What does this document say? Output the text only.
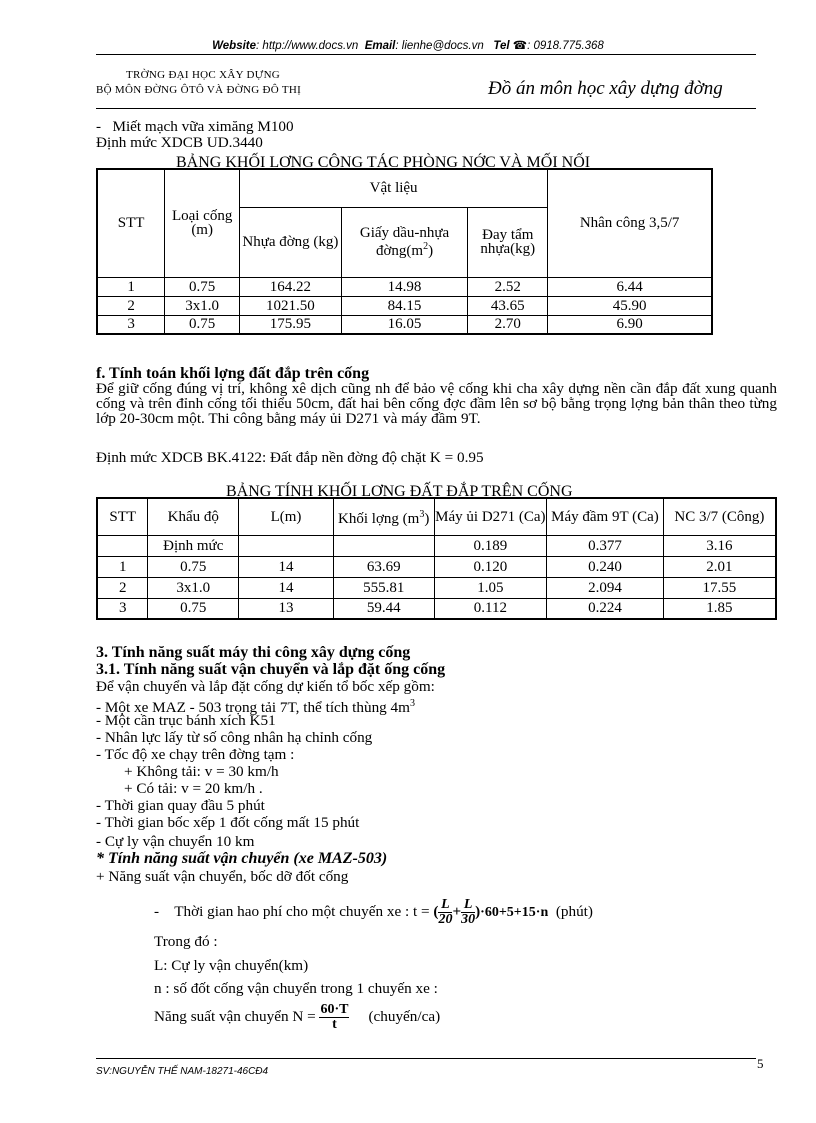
Website: http://www.docs.vn Email: lienhe@docs.vn Tel ☎: 0918.775.368
TRỜNG ĐẠI HỌC XÂY DỰNG
BỘ MÔN ĐỜNG ÔTÔ VÀ ĐỜNG ĐÔ THỊ	Đồ án môn học xây dựng đờng
- Miết mạch vữa ximăng M100
Định mức XDCB UD.3440
BẢNG KHỐI LỢNG CÔNG TÁC PHÒNG NỚC VÀ MỐI NỐI
STT	Loại cống (m)	Vật liệu			Nhân công 3,5/7
		Nhựa đờng (kg)	Giấy dầu-nhựa $đờng(m^2)$	Đay tẩm nhựa(kg)	
1	0.75	164.22	14.98	2.52	6.44
2	3x1.0	1021.50	84.15	43.65	45.90
3	0.75	175.95	16.05	2.70	6.90
f. Tính toán khối lợng đất đắp trên cống
Để giữ cống đúng vị trí, không xê dịch cũng nh để bảo vệ cống khi cha xây dựng nền cần đắp đất xung quanh cống và trên đỉnh cống tối thiểu 50cm, đất hai bên cống đợc đầm lên sơ bộ bằng trọng lợng bản thân theo từng lớp 20-30cm một. Thi công bằng máy ủi D271 và máy đầm 9T.
Định mức XDCB BK.4122: Đất đắp nền đờng độ chặt K = 0.95
BẢNG TÍNH KHỐI LỢNG ĐẤT ĐẮP TRÊN CỐNG
STT	Khẩu độ	L(m)	Khối lợng $(m^3)$	Máy ủi D271 (Ca)	Máy đầm 9T (Ca)	NC 3/7 (Công)
	Định mức			0.189	0.377	3.16
1	0.75	14	63.69	0.120	0.240	2.01
2	3x1.0	14	555.81	1.05	2.094	17.55
3	0.75	13	59.44	0.112	0.224	1.85
3. Tính năng suất máy thi công xây dựng cống
3.1. Tính năng suất vận chuyển và lắp đặt ống cống
Để vận chuyển và lắp đặt cống dự kiến tổ bốc xếp gồm:
- Một xe MAZ - 503 trọng tải 7T, thể tích thùng $4m^3$
- Một cần trục bánh xích K51
- Nhân lực lấy từ số công nhân hạ chỉnh cống
- Tốc độ xe chạy trên đờng tạm :
+ Không tải: v = 30 km/h
+ Có tải: v = 20 km/h .
- Thời gian quay đầu 5 phút
- Thời gian bốc xếp 1 đốt cống mất 15 phút
- Cự ly vận chuyển 10 km
* Tính năng suất vận chuyển (xe MAZ-503)
+ Năng suất vận chuyển, bốc dỡ đốt cống
- Thời gian hao phí cho một chuyến xe : t = ( $\frac{L}{20} + \frac{L}{30} )\cdot 60+5+15\cdot n$ (phút)
Trong đó :
L: Cự ly vận chuyển(km)
n : số đốt cống vận chuyển trong 1 chuyến xe :
Năng suất vận chuyển $N = \frac{60\cdot T}{t}$ (chuyến/ca)
SV:NGUYỄN THẾ NAM-18271-46CĐ4
5
